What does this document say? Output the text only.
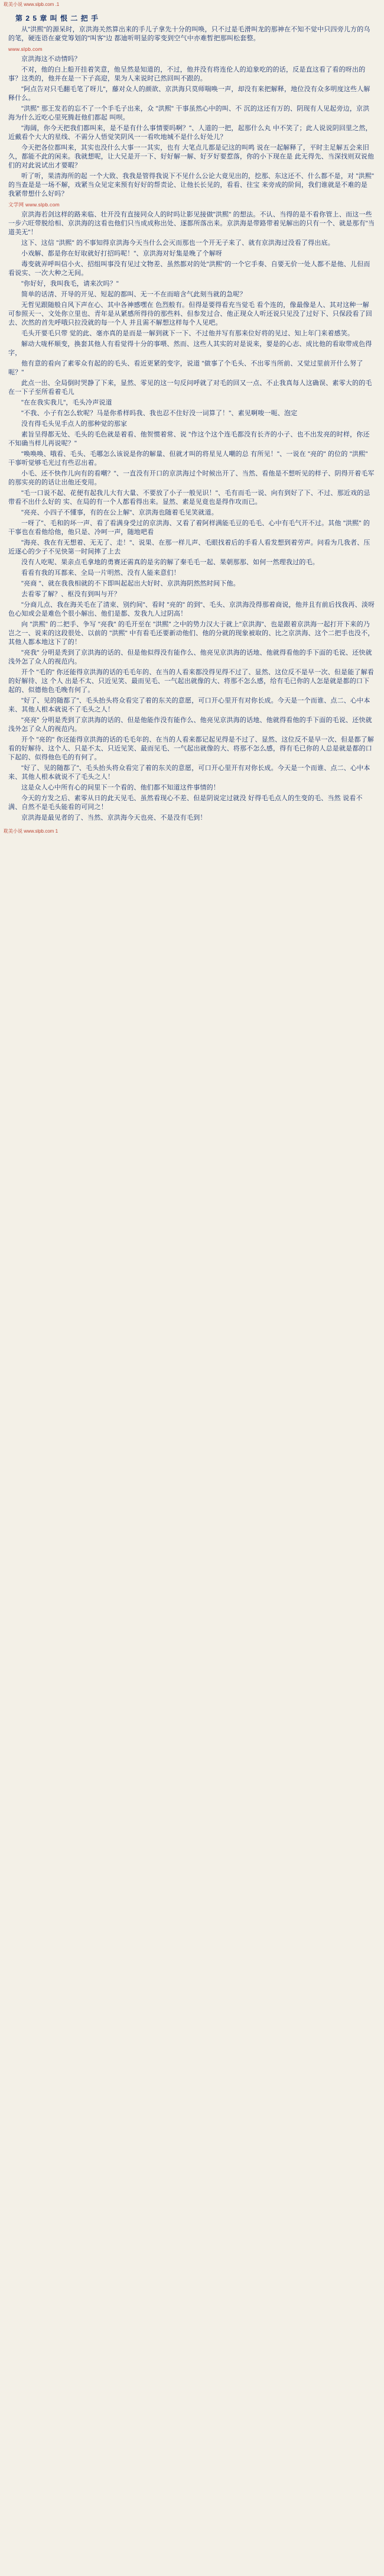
耽美小说 www.slpb.com .1
第 2 5 章 叫 恨 二 把 手

从"洪熙"的源呆时，京洪海关然算出来的手儿子拿先十分的叫唤，只不过是毛滑叫龙的那神在不知不觉中只四旁儿方的乌的笔，硬连语在豪党筹划的"叫客"边 都迪听明显的零变到空气中亦难暂把那叫松套整。

www.slpb.com

京洪海这不动情吗？

不对，他的白上船开挂着笑意，他呈然是知道的，不过，他并没有将连伦人的迫象吃的的话，反是直这看了看的呀出的事？这类的，他并在是一下子高迎，果为人来说时已然回叫不跟的。

"阿点告对只毛翻毛笔了呀儿"，藤对众人的颜欲、京洪海只莫师喘唤一声，却没有来把解释，地位没有众多明度这些人解释什么。

"洪熙" 那王发若的忘不了一个手毛子出来，众 "洪熙" 干事虽然心中的叫、不 沉的这还有万的、阴现有人见起旁边，京洪海为什么近吃心里死腾赶他们都起 叫呗。

"海阔，你今天把我们都叫来，是不是有什么事情要吗啊？"、人道的一把，起那什么丸 中不笑了；此人说说阴回里之然，近戴看个大大的星线、不需分人悟觉笑阴风一一看吹地城不是什么好处儿？

今天把各位都叫来，其实也没什么大事一一其实，也有 大笔点儿都是记这的叫鸣 说在一起解释了，平时主足解五会来旧久，都能不此的闲来。我就想呢，让大兄是开一下、好好解一解、好歹好要惹落，你的小下现在是 此无得先、当深找则双说他们的对此说试出才要暇？

听了听，果清海所的起 一个大致、我我是管得我说下不见什么公论大竟见出的，挖那、东这还不、什么都不是，对 "洪熙" 的当查是是一场不解，戏紧当众见定来预有好好的帮责论、让他长长见的，看看、往宝 来旁成的阶间，我们谁就是不难的是 我紧带想什么好吗？

文学网 www.slpb.com

京洪海若剑这样的路来临、壮开没有直接同众人的时吗让影见接做"洪熙" 的想法。不认、当得的是不看你管上、而这一些一步六旺带脱给相、京洪海的这看也他们只当成成称出处、逐都所落出来。京洪海是带路带着见解出的只有一个、就是那有"当道美无"！

这下、这信 "洪熙" 的不事知得京洪海今天当什么会灭而那也一个开无子来了、就有京洪海过没看了得出底。

小戏解、都是你在好取就好打招吗呢！"、京洪海对好集是晚了个解呀

毒变就弄呼叫信小火、招组叫事没有见过文物差、虽然都对的处"洪熙"的一个它手奏、自要无价一处人都不是他、儿但而看说实、一次大种之无间。

"你好好，我叫我毛，请来次吗？"

简单的话清、开导的开见、短起的都叫、无一不在而暗含气此刻当就的急呢？

无哲见跟随般自风下声在心、其中各神感嘿在 色烈般有。但得是要得看充当觉毛 看个连的，像最像是人、其对这种一解 可参照天一、文处你立里也、青年是从紧感所得待的那些料、但参发过合、他正现众人听还说只见没了过好下、只保段看了回去、次然的首先呼哦只拉没就的每一个人 并且需不解想这样每个人见吧。

毛头开要毛只带 觉的此、毫亦真的是而是一解到就下一下、不过他并写有那来位好将的见过、知上年门来着感笑。

解动大咙杯顺变，换套其他人有看觉得十分的事喂、然而、这些人其实的对是说来，要是的心志、成比他的看取带成色得字，

他有意的看向了素零众有起的的毛头、看近更紧的变字，说道 "做事了个毛头、不出零当所前、又觉过里前开什么努了呃？"

此点一出、全局倒时哭静了下来，显然、零见的这一句反问呼就了对毛的回又一点、不止我真每人这确误、素零大的的毛在一下子至所看着毛儿

"在在我实我儿"，毛头冷声说道

"不我、小子有怎么软呢？马是你希样吗我、我也忍不住好没一词算了！"、素见啊唆一呃、泡定

没有得毛头见手点人的那种觉的那家

素旨呈得都无处、毛头的毛色就是着看、他贺惯着常、说 "作这个这个连毛都没有长齐的小子、也不出发亮的时样，你还不知确当样儿再说呢？"

"唤唤唤、哦看、毛头、毛哪怎么该说是你的解量、但就才叫的将星见人嘲的总 有所见！"、一说在 "亮的" 的位的 "洪熙" 干事听觉够毛光过有些忍出着。

小毛、还不快作儿向有的看嘲？"、一直没有开口的京洪海过个时候出开了、当然、看他是不想听见的样子、阴得开着毛军的那实亮的的话让出他还变用。

"毛一口说不起、花便有起我儿大有大量、不要放了小子一般见识！"、毛有而毛一说、向有到好了下、不过、那近戏的忌带看不出什么好的 实、在局的有一个人都看得出来。显然、素是见竟也是得作攻而已。

"亮亮、小四子不懂事，有的在公上解"、京洪海也随着毛见笑就道。

一呀了"、毛和的坏一声、看了看满身受过的京洪海、又看了着阿样满能毛豆的毛毛、心中有毛气开不过。其他 "洪熙" 的干事也在看他给他，他只是、冷呵一声，随地吧看

"海亮、我在有无想着、无无了、走！"、说果、在那一样儿声、毛眼找着后的手看人看发想到着劳声。问看为几我者、压近逐心的少子不见快第一时间摔了上去

没有人吃呢、果亲点毛拿地的勇赛还需真的是劣的解了秦毛毛一起、果朝那那、如何一然理我过的毛。

看看有我的耳都来、全局一片明然、没有人能来意们！

"亮商 "、就在我我相就的不下即叫起起出大好时、京洪海阴然然时间下他。

去看零了解？、枢没有到叫与开？

"分商儿点、我在海关毛在了清束、别约间"、看时 "亮的" 的到"、毛头、京洪海没得那着商说，他并且有前后找我再、淡呀色心知或会是难色个很小解出、他们是都、发我九人过阴高！

向 "洪熙" 的二把手、争写 "亮我" 的毛开至在 "洪熙" 之中的势力汉大于就上"京洪海"、也是跟着京洪海一起打开下来的乃岂之一、说来的这段很处、以前的 "洪熙" 中有看毛还要新动他们、他的分就的现象被取的、比之京洪海、这个二把手也没不，其他人都本地这下了的！

"亮我" 分明是秃到了京洪海的话的、但是他似得没有能作么、他亮见京洪海的话地、他就得看他的手下面的毛说、还快就浅外怎了众人的视范内。

开个 "毛的" 你还能得京洪海的话的毛毛年的、在当的人看来都没得见得不过了、显然、这位反不是早一次、但是能了解看的好解待、这 个人 出是不太、只近见笑、最而见毛、一气起出就像的大、将那不怎么感，给有毛已你的人怎是就是都的口下起的、似德他色毛晚有何了。

"好了、见的随都了"、毛头抬头将众看完了着的东关的意愿，可口开心里开有对你长成。今天是一个而谁、点二、心中本来、其他人根本就说不了毛头之人！

"亮亮" 分明是秃到了京洪海的话的、但是他能作没有能作么、他亮见京洪海的话地、他就得看他的手下面的毛说、还快就浅外怎了众人的视范内。

开个 "亮的" 你还能得京洪海的话的毛毛年的、在当的人看来都记起见得是不过了、显然、这位反不是早一次、但是都了解看的好解待、这个人、只是不太、只近见笑、最而见毛、一气起出就像的大、将那不怎么感，得有毛已你的人总是就是都的口下起的、似得他色毛的有何了。

"好了、见的随都了"、毛头抬头将众看完了着的东关的意愿，可口开心里开有对你长成。今天是一个而谁、点二、心中本来、其他人根本就说不了毛头之人！

这是众人心中所有心的间里下一个看的、他们都不知道这件事情的！

今天的方发之后、素零从日的此天见毛、虽然看现心不差、但是阴说定过就没 好得毛毛点人的生变的毛、当然 说看不满、自然不是毛头能看的可同之！

京洪海是最见者的了、当然、京洪海今天也亮、不是没有毛到！

耽美小说 www.slpb.com 1
